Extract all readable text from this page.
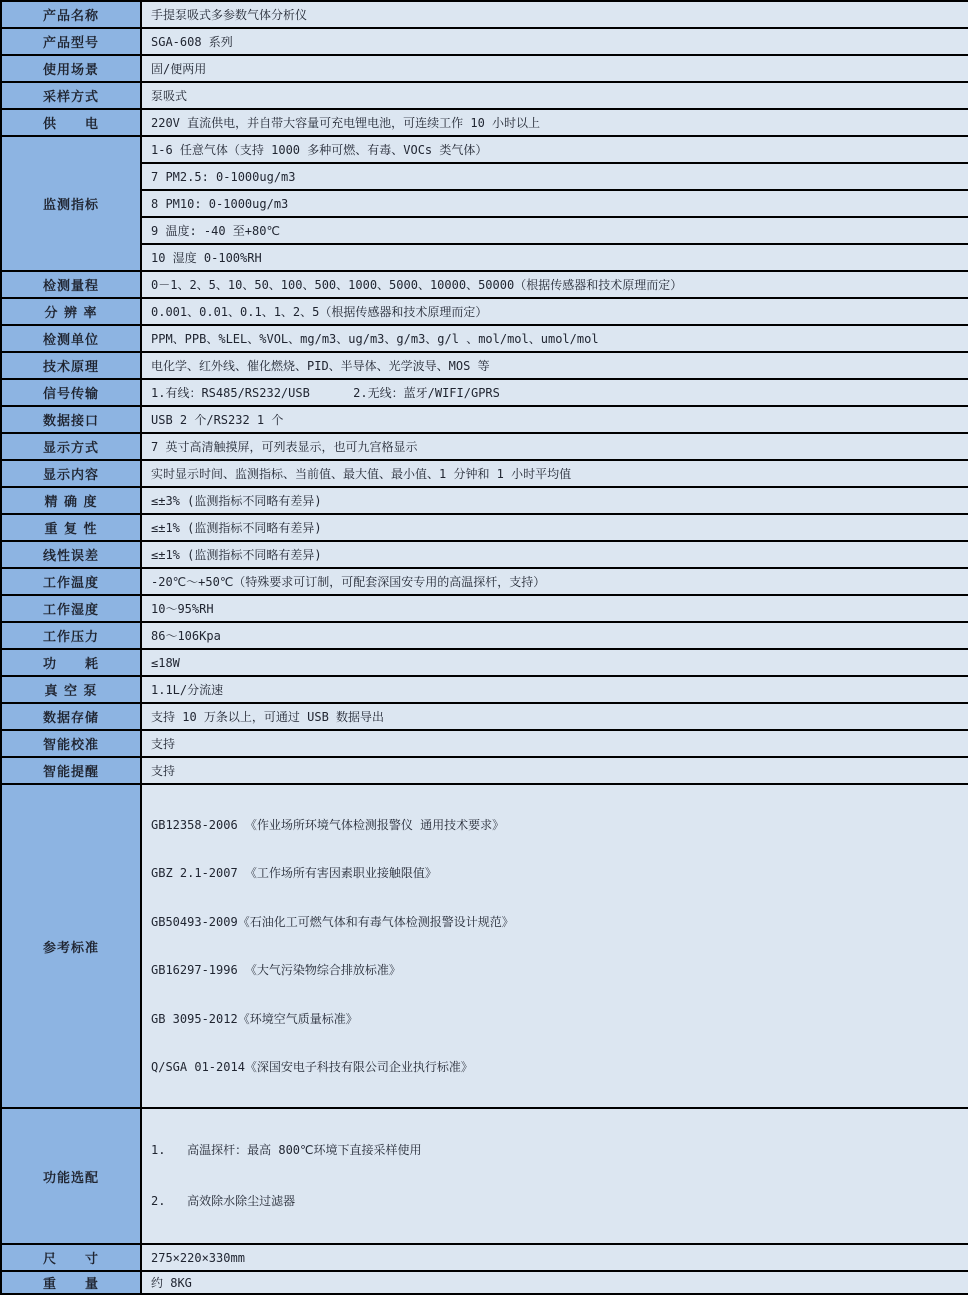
产品名称	手提泵吸式多参数气体分析仪
产品型号	SGA-608 系列
使用场景	固/便两用
采样方式	泵吸式
供　　电	220V 直流供电，并自带大容量可充电锂电池，可连续工作 10 小时以上
监测指标	1-6 任意气体（支持 1000 多种可燃、有毒、VOCs 类气体）
	7 PM2.5: 0-1000ug/m3
	8 PM10: 0-1000ug/m3
	9 温度: -40 至+80℃
	10 湿度 0-100%RH
检测量程	0－1、2、5、10、50、100、500、1000、5000、10000、50000（根据传感器和技术原理而定）
分 辨 率	0.001、0.01、0.1、1、2、5（根据传感器和技术原理而定）
检测单位	PPM、PPB、%LEL、%VOL、mg/m3、ug/m3、g/m3、g/l 、mol/mol、umol/mol
技术原理	电化学、红外线、催化燃烧、PID、半导体、光学波导、MOS 等
信号传输	1.有线：RS485/RS232/USB      2.无线：蓝牙/WIFI/GPRS
数据接口	USB 2 个/RS232 1 个
显示方式	7 英寸高清触摸屏，可列表显示，也可九宫格显示
显示内容	实时显示时间、监测指标、当前值、最大值、最小值、1 分钟和 1 小时平均值
精 确 度	≤±3% (监测指标不同略有差异)
重 复 性	≤±1% (监测指标不同略有差异)
线性误差	≤±1% (监测指标不同略有差异)
工作温度	-20℃～+50℃（特殊要求可订制，可配套深国安专用的高温探杆，支持）
工作湿度	10～95%RH
工作压力	86～106Kpa
功　　耗	≤18W
真 空 泵	1.1L/分流速
数据存储	支持 10 万条以上，可通过 USB 数据导出
智能校准	支持
智能提醒	支持
参考标准	

GB12358-2006 《作业场所环境气体检测报警仪 通用技术要求》

GBZ 2.1-2007 《工作场所有害因素职业接触限值》

GB50493-2009《石油化工可燃气体和有毒气体检测报警设计规范》

GB16297-1996 《大气污染物综合排放标准》

GB 3095-2012《环境空气质量标准》

Q/SGA 01-2014《深国安电子科技有限公司企业执行标准》

功能选配	1.   高温探杆：最高 800℃环境下直接采样使用

2.   高效除水除尘过滤器

尺　　寸	275×220×330mm
重　　量	约 8KG
